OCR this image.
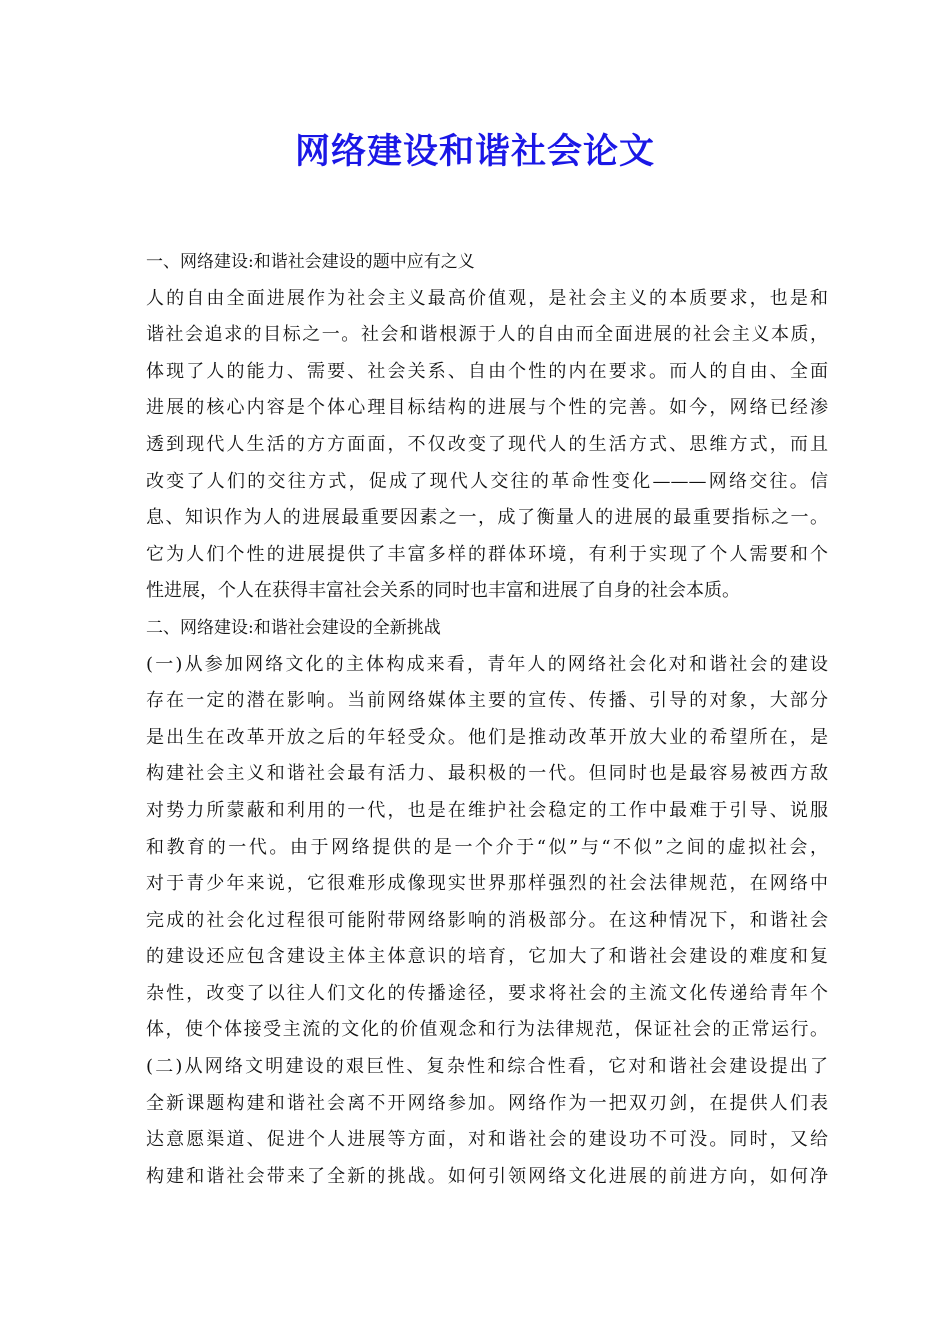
网络建设和谐社会论文
一、网络建设:和谐社会建设的题中应有之义
人的自由全面进展作为社会主义最高价值观，是社会主义的本质要求，也是和
谐社会追求的目标之一。社会和谐根源于人的自由而全面进展的社会主义本质，
体现了人的能力、需要、社会关系、自由个性的内在要求。而人的自由、全面
进展的核心内容是个体心理目标结构的进展与个性的完善。如今，网络已经渗
透到现代人生活的方方面面，不仅改变了现代人的生活方式、思维方式，而且
改变了人们的交往方式，促成了现代人交往的革命性变化———网络交往。信
息、知识作为人的进展最重要因素之一，成了衡量人的进展的最重要指标之一。
它为人们个性的进展提供了丰富多样的群体环境，有利于实现了个人需要和个
性进展，个人在获得丰富社会关系的同时也丰富和进展了自身的社会本质。
二、网络建设:和谐社会建设的全新挑战
(一)从参加网络文化的主体构成来看，青年人的网络社会化对和谐社会的建设
存在一定的潜在影响。当前网络媒体主要的宣传、传播、引导的对象，大部分
是出生在改革开放之后的年轻受众。他们是推动改革开放大业的希望所在，是
构建社会主义和谐社会最有活力、最积极的一代。但同时也是最容易被西方敌
对势力所蒙蔽和利用的一代，也是在维护社会稳定的工作中最难于引导、说服
和教育的一代。由于网络提供的是一个介于“似”与“不似”之间的虚拟社会，
对于青少年来说，它很难形成像现实世界那样强烈的社会法律规范，在网络中
完成的社会化过程很可能附带网络影响的消极部分。在这种情况下，和谐社会
的建设还应包含建设主体主体意识的培育，它加大了和谐社会建设的难度和复
杂性，改变了以往人们文化的传播途径，要求将社会的主流文化传递给青年个
体，使个体接受主流的文化的价值观念和行为法律规范，保证社会的正常运行。
(二)从网络文明建设的艰巨性、复杂性和综合性看，它对和谐社会建设提出了
全新课题构建和谐社会离不开网络参加。网络作为一把双刃剑，在提供人们表
达意愿渠道、促进个人进展等方面，对和谐社会的建设功不可没。同时，又给
构建和谐社会带来了全新的挑战。如何引领网络文化进展的前进方向，如何净
